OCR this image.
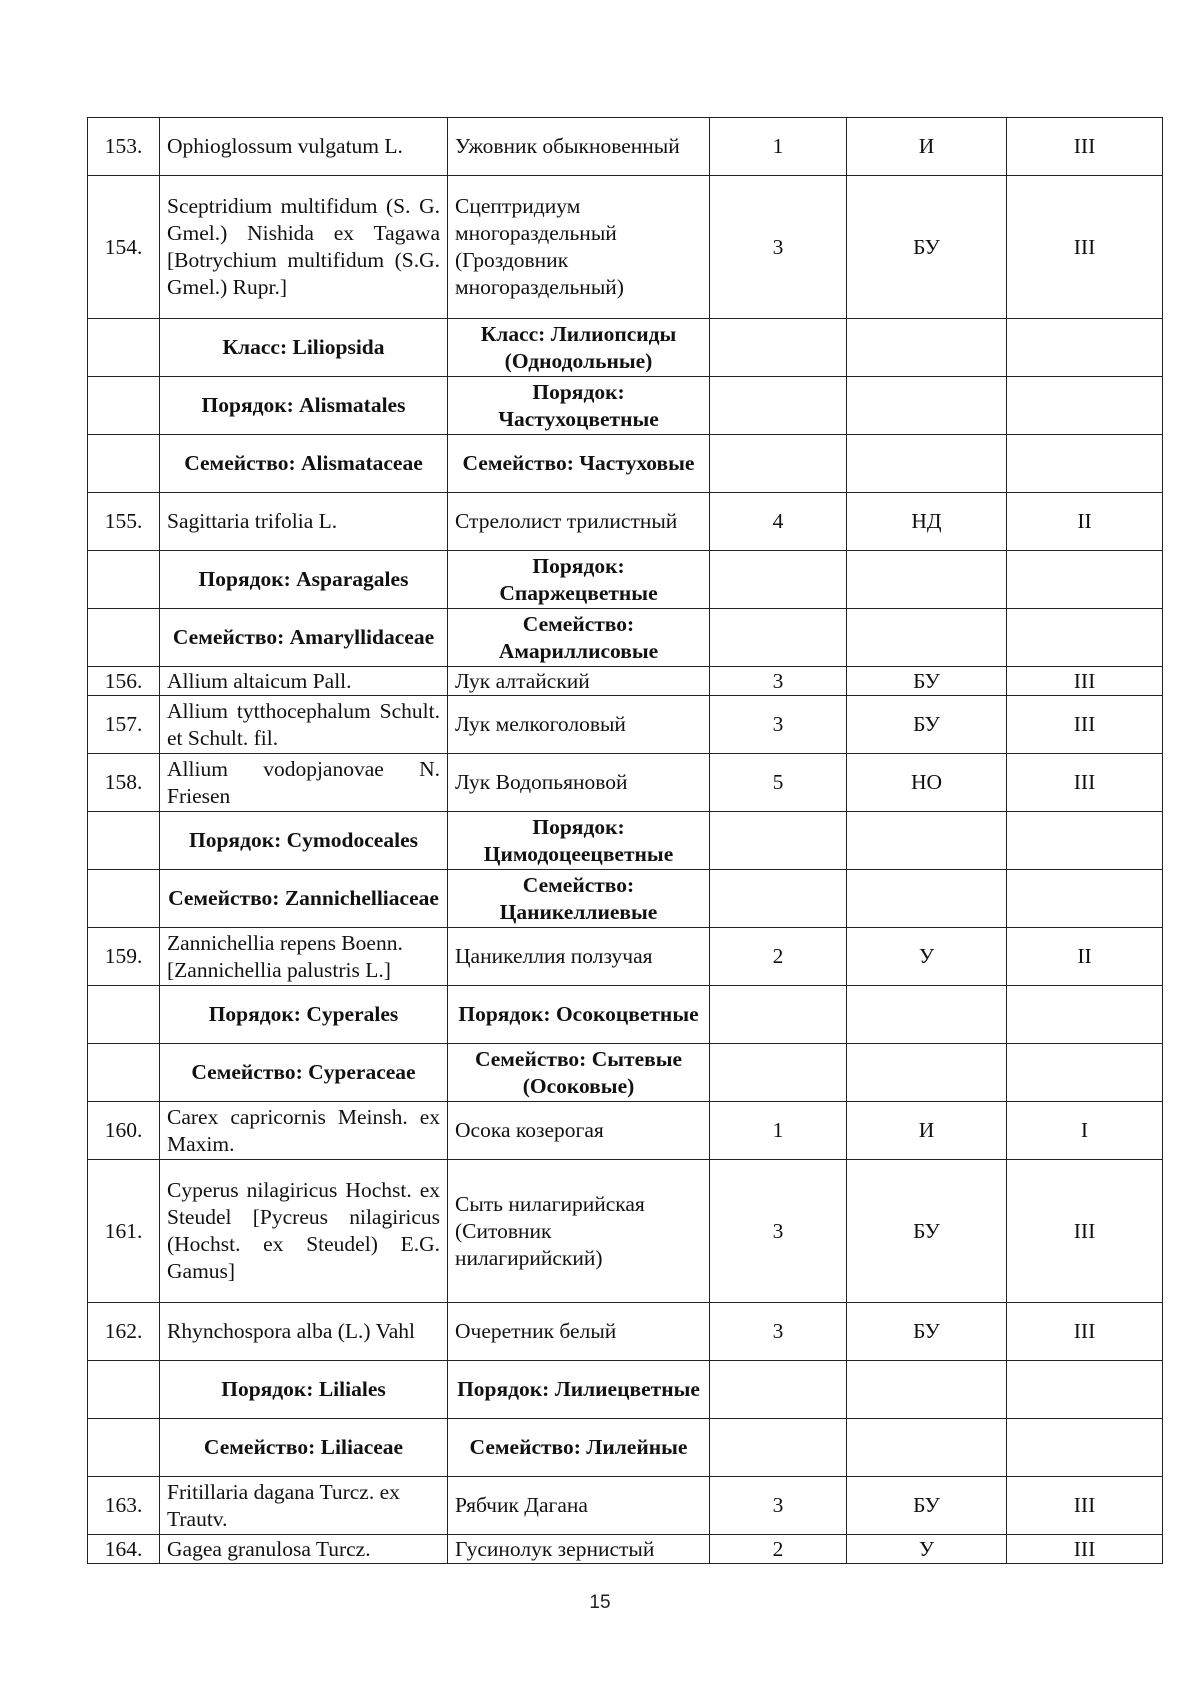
153.	Ophioglossum vulgatum L.	Ужовник обыкновенный	1	И	III
154.	Sceptridium multifidum (S. G. Gmel.) Nishida ex Tagawa [Botrychium multifidum (S.G. Gmel.) Rupr.]	Сцептридиум многораздельный (Гроздовник многораздельный)	3	БУ	III
	Класс: Liliopsida	Класс: Лилиопсиды (Однодольные)			
	Порядок: Alismatales	Порядок: Частухоцветные			
	Семейство: Alismataceae	Семейство: Частуховые			
155.	Sagittaria trifolia L.	Стрелолист трилистный	4	НД	II
	Порядок: Asparagales	Порядок: Спаржецветные			
	Семейство: Amaryllidaceae	Семейство: Амариллисовые			
156.	Allium altaicum Pall.	Лук алтайский	3	БУ	III
157.	Allium tytthocephalum Schult. et Schult. fil.	Лук мелкоголовый	3	БУ	III
158.	Allium vodopjanovae N. Friesen	Лук Водопьяновой	5	НО	III
	Порядок: Cymodoceales	Порядок: Цимодоцеецветные			
	Семейство: Zannichelliaceae	Семейство: Цаникеллиевые			
159.	Zannichellia repens Boenn. [Zannichellia palustris L.]	Цаникеллия ползучая	2	У	II
	Порядок: Cyperales	Порядок: Осокоцветные			
	Семейство: Cyperaceae	Семейство: Сытевые (Осоковые)			
160.	Carex capricornis Meinsh. ex Maxim.	Осока козерогая	1	И	I
161.	Cyperus nilagiricus Hochst. ex Steudel [Pycreus nilagiricus (Hochst. ex Steudel) E.G. Gamus]	Сыть нилагирийская (Ситовник нилагирийский)	3	БУ	III
162.	Rhynchospora alba (L.) Vahl	Очеретник белый	3	БУ	III
	Порядок: Liliales	Порядок: Лилиецветные			
	Семейство: Liliaceae	Семейство: Лилейные			
163.	Fritillaria dagana Turcz. ex Trautv.	Рябчик Дагана	3	БУ	III
164.	Gagea granulosa Turcz.	Гусинолук зернистый	2	У	III
15
